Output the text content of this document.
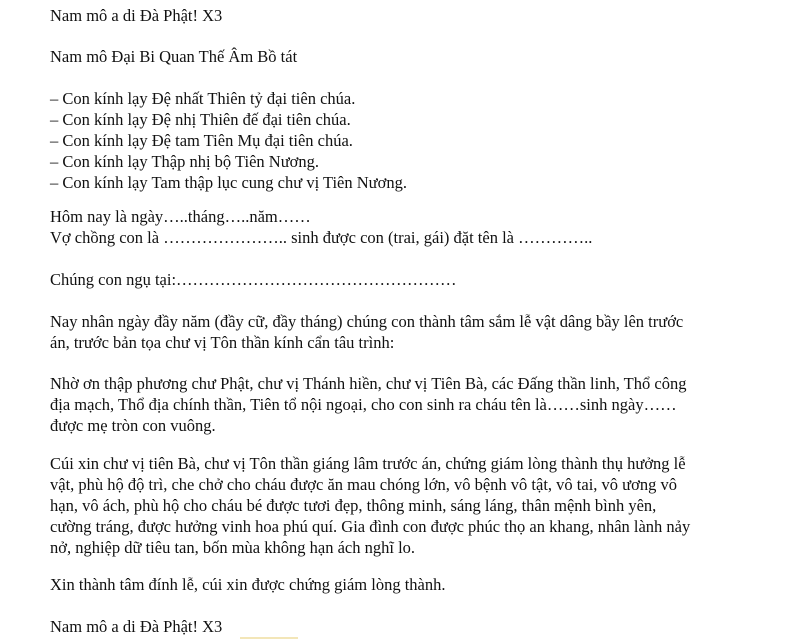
Nam mô a di Đà Phật! X3

Nam mô Đại Bi Quan Thế Âm Bồ tát

– Con kính lạy Đệ nhất Thiên tỷ đại tiên chúa.
– Con kính lạy Đệ nhị Thiên đế đại tiên chúa.
– Con kính lạy Đệ tam Tiên Mụ đại tiên chúa.
– Con kính lạy Thập nhị bộ Tiên Nương.
– Con kính lạy Tam thập lục cung chư vị Tiên Nương.

Hôm nay là ngày…..tháng…..năm……
Vợ chồng con là ………………….. sinh được con (trai, gái) đặt tên là …………..

Chúng con ngụ tại:……………………………………………

Nay nhân ngày đầy năm (đầy cữ, đầy tháng) chúng con thành tâm sắm lễ vật dâng bầy lên trước
án, trước bản tọa chư vị Tôn thần kính cẩn tâu trình:

Nhờ ơn thập phương chư Phật, chư vị Thánh hiền, chư vị Tiên Bà, các Đấng thần linh, Thổ công
địa mạch, Thổ địa chính thần, Tiên tổ nội ngoại, cho con sinh ra cháu tên là……sinh ngày……
được mẹ tròn con vuông.

Cúi xin chư vị tiên Bà, chư vị Tôn thần giáng lâm trước án, chứng giám lòng thành thụ hưởng lễ
vật, phù hộ độ trì, che chở cho cháu được ăn mau chóng lớn, vô bệnh vô tật, vô tai, vô ương vô
hạn, vô ách, phù hộ cho cháu bé được tươi đẹp, thông minh, sáng láng, thân mệnh bình yên,
cường tráng, được hưởng vinh hoa phú quí. Gia đình con được phúc thọ an khang, nhân lành nảy
nở, nghiệp dữ tiêu tan, bốn mùa không hạn ách nghĩ lo.

Xin thành tâm đính lễ, cúi xin được chứng giám lòng thành.

Nam mô a di Đà Phật! X3
